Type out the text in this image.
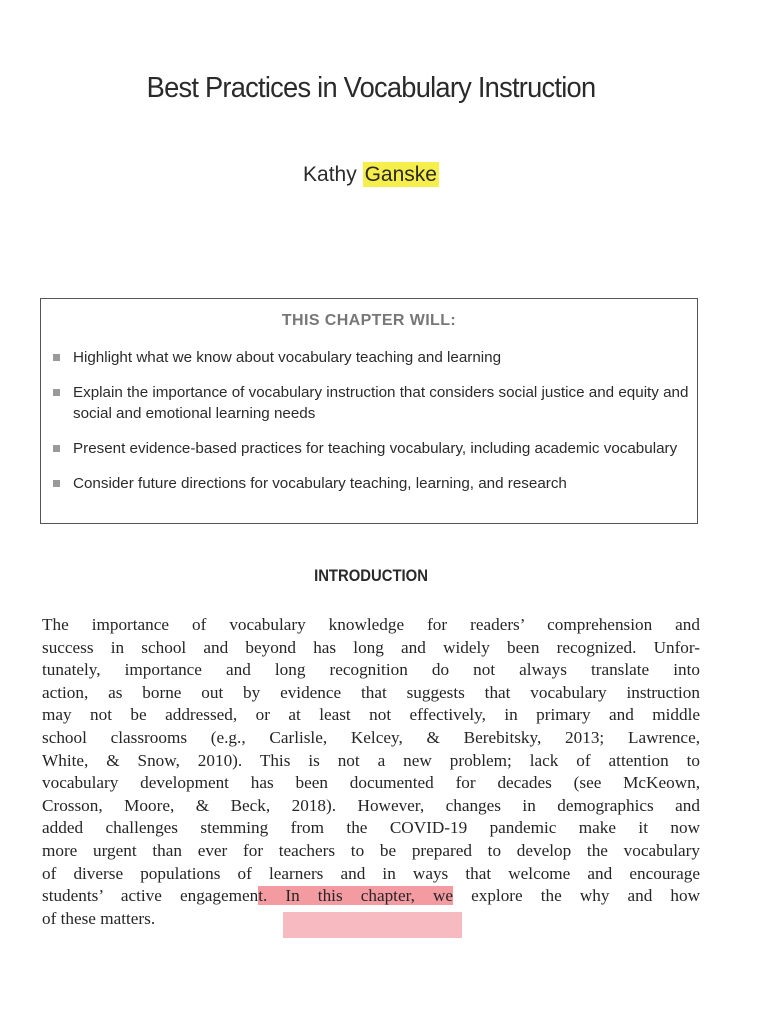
Best Practices in Vocabulary Instruction
Kathy Ganske
THIS CHAPTER WILL:
Highlight what we know about vocabulary teaching and learning
Explain the importance of vocabulary instruction that considers social justice and equity and social and emotional learning needs
Present evidence-based practices for teaching vocabulary, including academic vocabulary
Consider future directions for vocabulary teaching, learning, and research
INTRODUCTION
The importance of vocabulary knowledge for readers’ comprehension and
success in school and beyond has long and widely been recognized. Unfor-
tunately, importance and long recognition do not always translate into
action, as borne out by evidence that suggests that vocabulary instruction
may not be addressed, or at least not effectively, in primary and middle
school classrooms (e.g., Carlisle, Kelcey, & Berebitsky, 2013; Lawrence,
White, & Snow, 2010). This is not a new problem; lack of attention to
vocabulary development has been documented for decades (see McKeown,
Crosson, Moore, & Beck, 2018). However, changes in demographics and
added challenges stemming from the COVID-19 pandemic make it now
more urgent than ever for teachers to be prepared to develop the vocabulary
of diverse populations of learners and in ways that welcome and encourage
students’ active engagement. In this chapter, we explore the why and how
of these matters.
